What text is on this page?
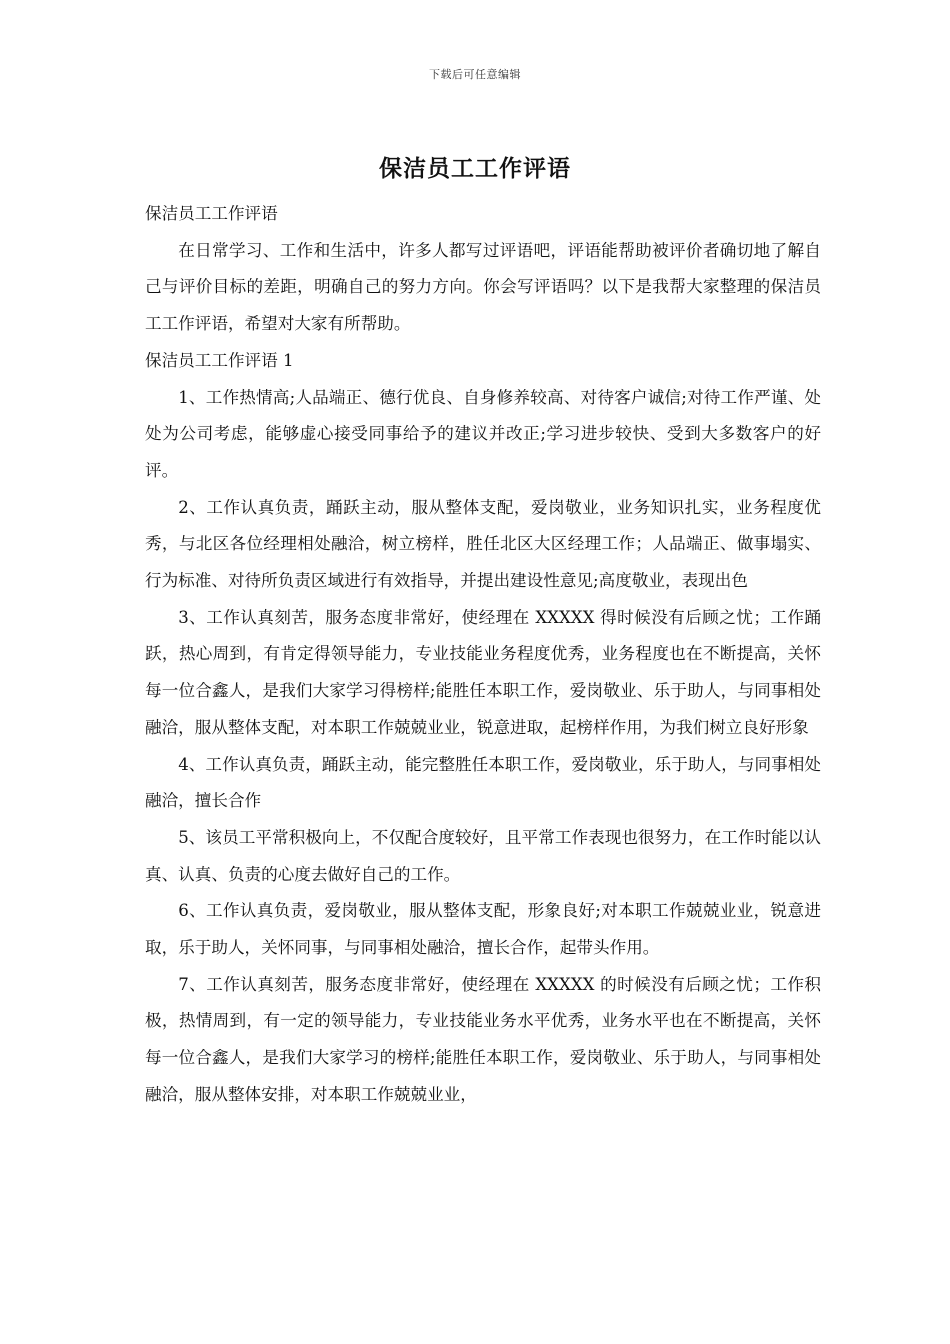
下载后可任意编辑
保洁员工工作评语

保洁员工工作评语

在日常学习、工作和生活中，许多人都写过评语吧，评语能帮助被评价者确切地了解自己与评价目标的差距，明确自己的努力方向。你会写评语吗？以下是我帮大家整理的保洁员工工作评语，希望对大家有所帮助。

保洁员工工作评语 1

1、工作热情高;人品端正、德行优良、自身修养较高、对待客户诚信;对待工作严谨、处处为公司考虑，能够虚心接受同事给予的建议并改正;学习进步较快、受到大多数客户的好评。

2、工作认真负责，踊跃主动，服从整体支配，爱岗敬业，业务知识扎实，业务程度优秀，与北区各位经理相处融洽，树立榜样，胜任北区大区经理工作；人品端正、做事塌实、行为标准、对待所负责区域进行有效指导，并提出建设性意见;高度敬业，表现出色

3、工作认真刻苦，服务态度非常好，使经理在 XXXXX 得时候没有后顾之忧；工作踊跃，热心周到，有肯定得领导能力，专业技能业务程度优秀，业务程度也在不断提高，关怀每一位合鑫人，是我们大家学习得榜样;能胜任本职工作，爱岗敬业、乐于助人，与同事相处融洽，服从整体支配，对本职工作兢兢业业，锐意进取，起榜样作用，为我们树立良好形象

4、工作认真负责，踊跃主动，能完整胜任本职工作，爱岗敬业，乐于助人，与同事相处融洽，擅长合作

5、该员工平常积极向上，不仅配合度较好，且平常工作表现也很努力，在工作时能以认真、认真、负责的心度去做好自己的工作。

6、工作认真负责，爱岗敬业，服从整体支配，形象良好;对本职工作兢兢业业，锐意进取，乐于助人，关怀同事，与同事相处融洽，擅长合作，起带头作用。

7、工作认真刻苦，服务态度非常好，使经理在 XXXXX 的时候没有后顾之忧；工作积极，热情周到，有一定的领导能力，专业技能业务水平优秀，业务水平也在不断提高，关怀每一位合鑫人，是我们大家学习的榜样;能胜任本职工作，爱岗敬业、乐于助人，与同事相处融洽，服从整体安排，对本职工作兢兢业业，
